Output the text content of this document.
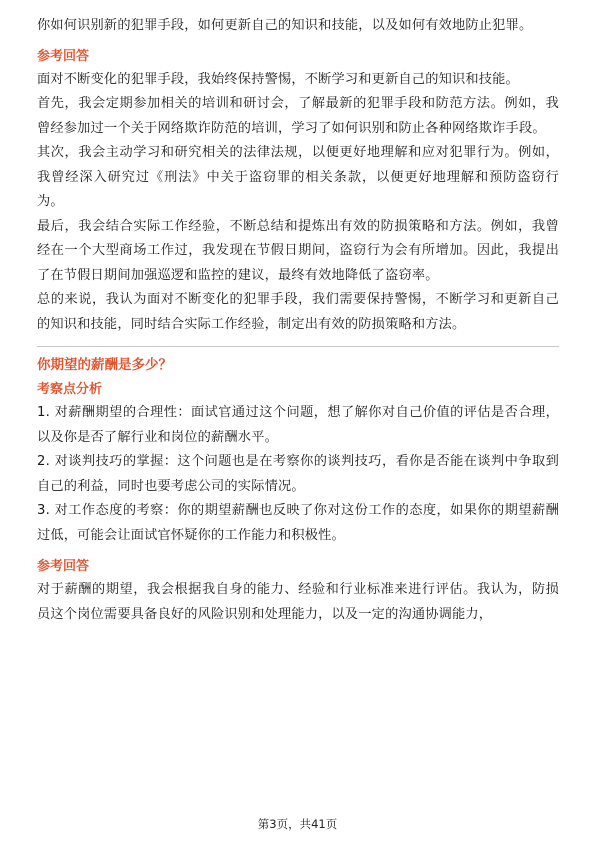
你如何识别新的犯罪手段，如何更新自己的知识和技能，以及如何有效地防止犯罪。

参考回答

面对不断变化的犯罪手段，我始终保持警惕，不断学习和更新自己的知识和技能。

首先，我会定期参加相关的培训和研讨会，了解最新的犯罪手段和防范方法。例如，我曾经参加过一个关于网络欺诈防范的培训，学习了如何识别和防止各种网络欺诈手段。

其次，我会主动学习和研究相关的法律法规，以便更好地理解和应对犯罪行为。例如，我曾经深入研究过《刑法》中关于盗窃罪的相关条款，以便更好地理解和预防盗窃行为。

最后，我会结合实际工作经验，不断总结和提炼出有效的防损策略和方法。例如，我曾经在一个大型商场工作过，我发现在节假日期间，盗窃行为会有所增加。因此，我提出了在节假日期间加强巡逻和监控的建议，最终有效地降低了盗窃率。

总的来说，我认为面对不断变化的犯罪手段，我们需要保持警惕，不断学习和更新自己的知识和技能，同时结合实际工作经验，制定出有效的防损策略和方法。

你期望的薪酬是多少？

考察点分析

1. 对薪酬期望的合理性：面试官通过这个问题，想了解你对自己价值的评估是否合理，以及你是否了解行业和岗位的薪酬水平。

2. 对谈判技巧的掌握：这个问题也是在考察你的谈判技巧，看你是否能在谈判中争取到自己的利益，同时也要考虑公司的实际情况。

3. 对工作态度的考察：你的期望薪酬也反映了你对这份工作的态度，如果你的期望薪酬过低，可能会让面试官怀疑你的工作能力和积极性。

参考回答

对于薪酬的期望，我会根据我自身的能力、经验和行业标准来进行评估。我认为，防损员这个岗位需要具备良好的风险识别和处理能力，以及一定的沟通协调能力，

第3页，共41页
